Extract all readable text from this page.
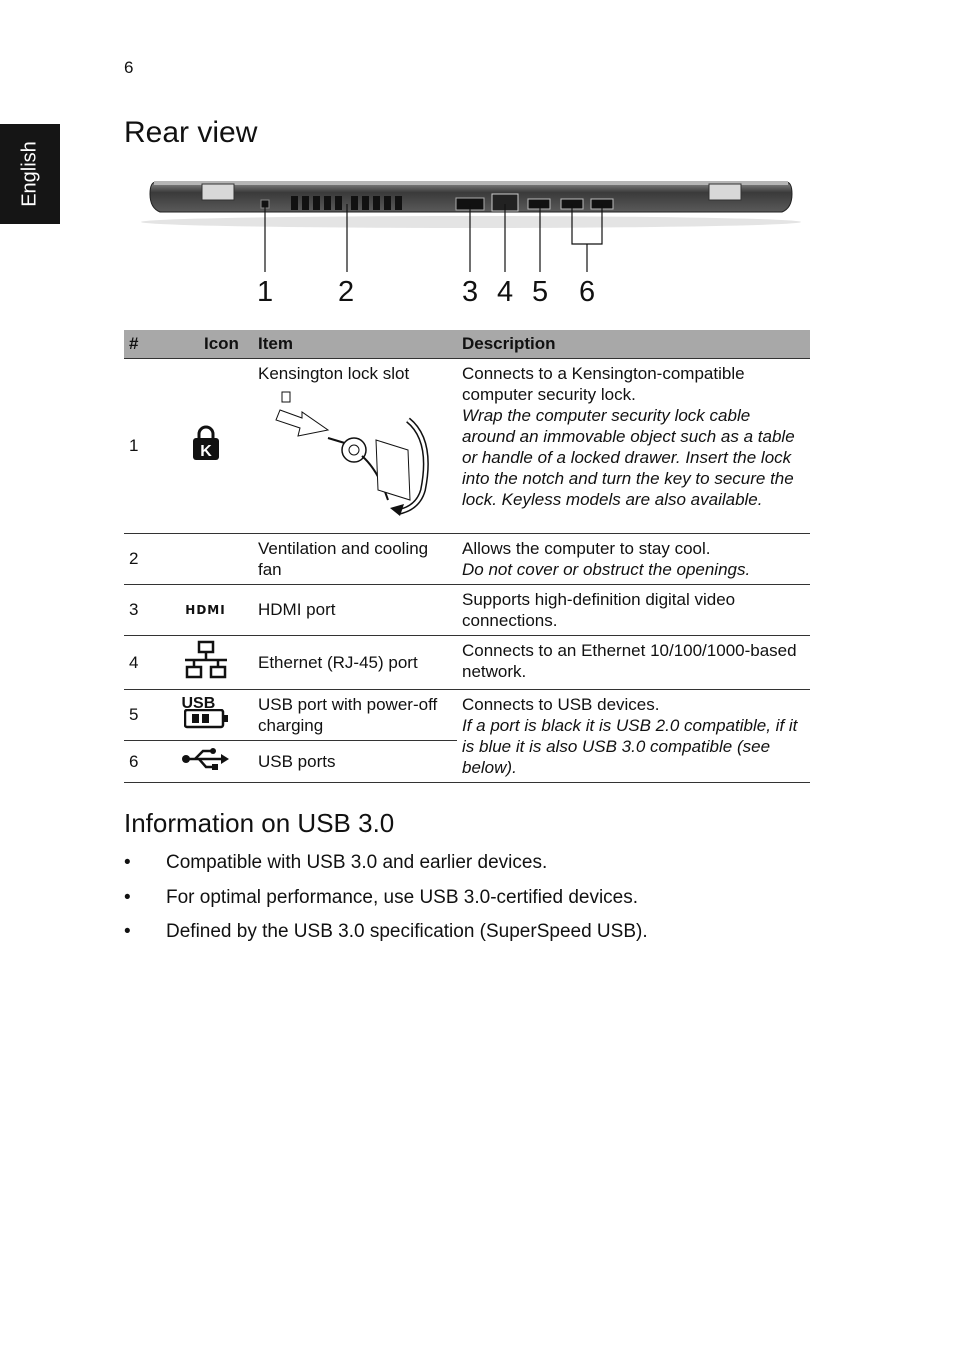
6
English
Rear view
1 2	3 4 5 6
#	Icon	Item	Description
1	K	Kensington lock slot	Connects to a Kensington-compatible computer security lock.
Wrap the computer security lock cable around an immovable object such as a table or handle of a locked drawer. Insert the lock into the notch and turn the key to secure the lock. Keyless models are also available.

2		Ventilation and cooling fan	Allows the computer to stay cool.
Do not cover or obstruct the openings.

3	HDMI	HDMI port	Supports high-definition digital video connections.
4		Ethernet (RJ-45) port	Connects to an Ethernet 10/100/1000-based network.
5	USB	USB port with power-off charging	Connects to USB devices.
If a port is black it is USB 2.0 compatible, if it is blue it is also USB 3.0 compatible (see below).

6		USB ports	
Information on USB 3.0
• Compatible with USB 3.0 and earlier devices.
• For optimal performance, use USB 3.0-certified devices.
• Defined by the USB 3.0 specification (SuperSpeed USB).
